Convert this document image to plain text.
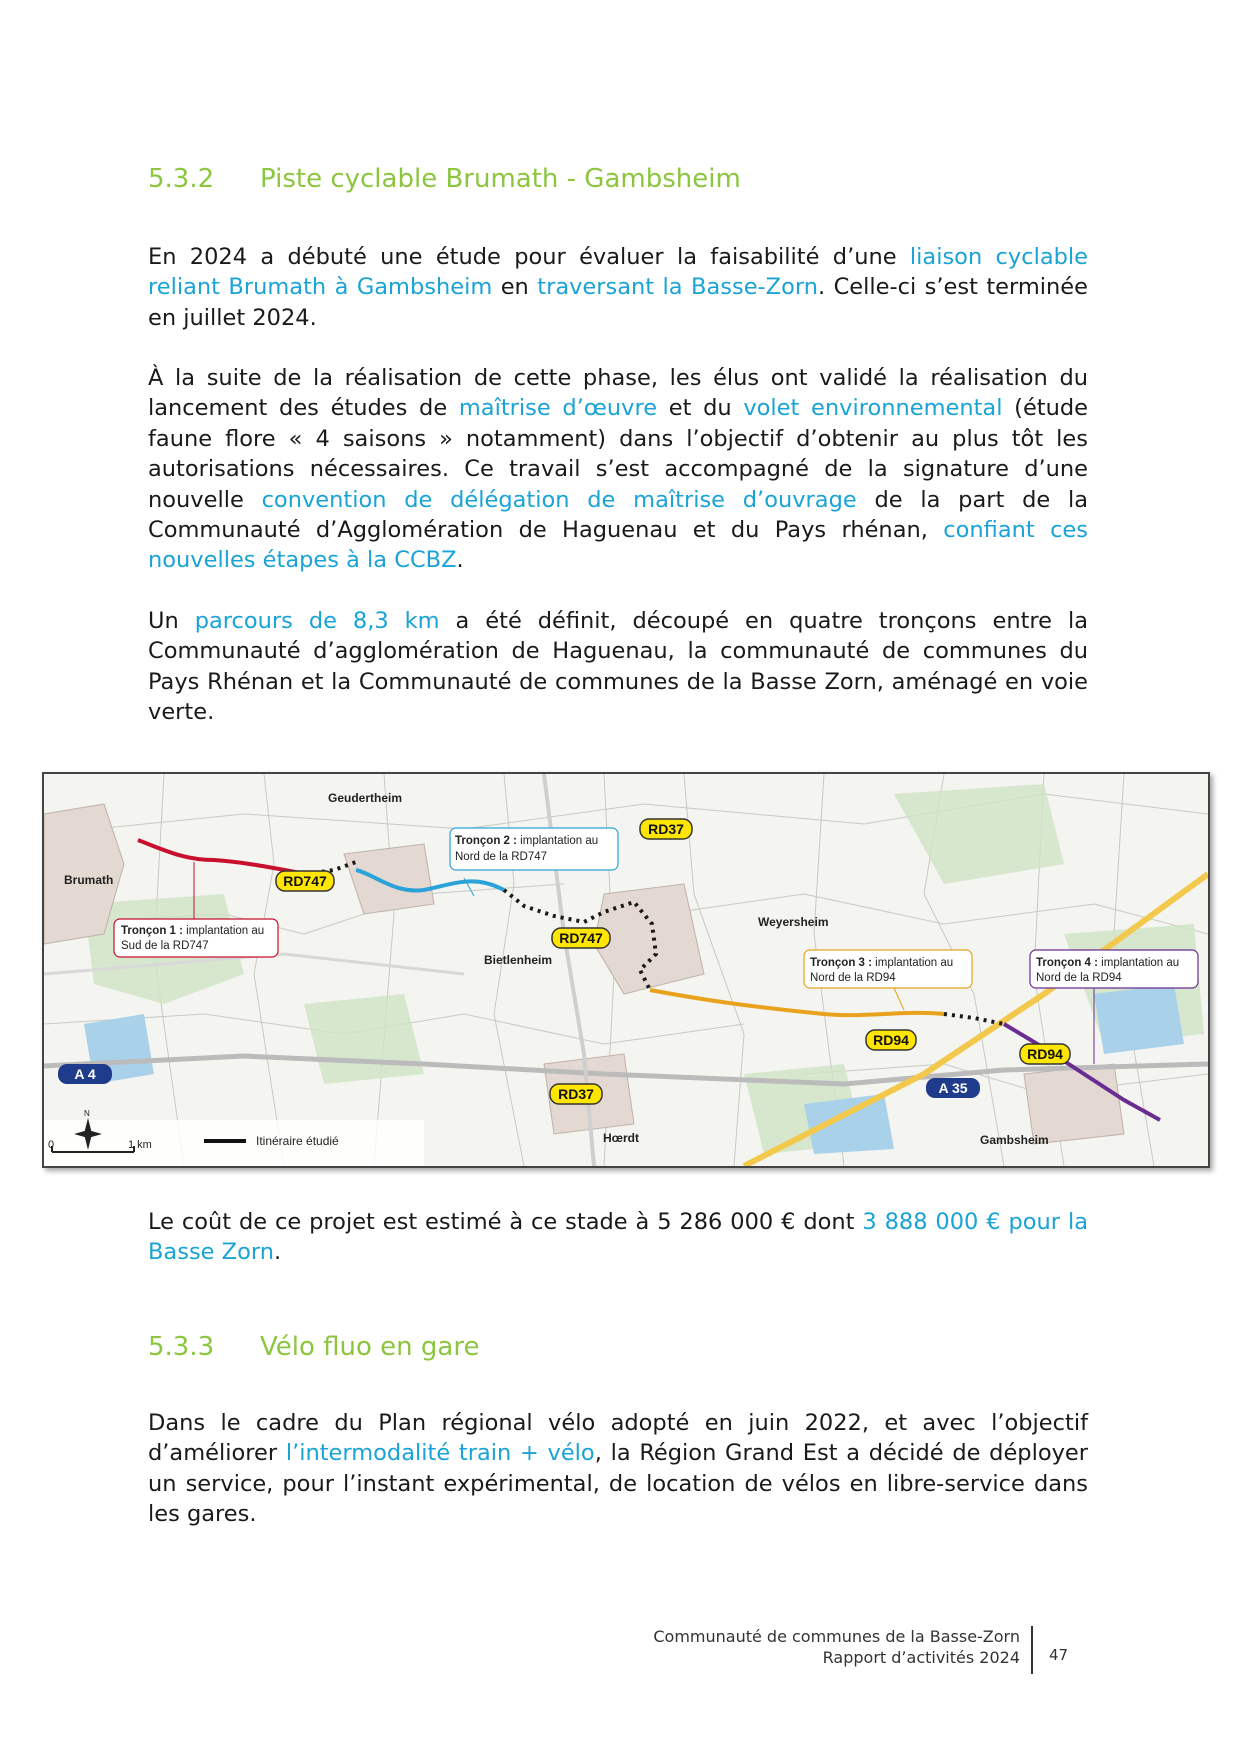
5.3.2 Piste cyclable Brumath - Gambsheim

En 2024 a débuté une étude pour évaluer la faisabilité d’une liaison cyclable reliant Brumath à Gambsheim en traversant la Basse-Zorn. Celle-ci s’est terminée en juillet 2024.

À la suite de la réalisation de cette phase, les élus ont validé la réalisation du lancement des études de maîtrise d’œuvre et du volet environnemental (étude faune flore « 4 saisons » notamment) dans l’objectif d’obtenir au plus tôt les autorisations nécessaires. Ce travail s’est accompagné de la signature d’une nouvelle convention de délégation de maîtrise d’ouvrage de la part de la Communauté d’Agglomération de Haguenau et du Pays rhénan, confiant ces nouvelles étapes à la CCBZ.

Un parcours de 8,3 km a été définit, découpé en quatre tronçons entre la Communauté d’agglomération de Haguenau, la communauté de communes du Pays Rhénan et la Communauté de communes de la Basse Zorn, aménagé en voie verte.

Geudertheim
Brumath
Bietlenheim
Weyersheim
Hœrdt	Gambsheim
RD747
RD747
RD37
RD37
RD94
RD94
A 4
A 35
Tronçon 1 : implantation au
Sud de la RD747
Tronçon 2 : implantation au
Nord de la RD747
Tronçon 3 : implantation au
Nord de la RD94
Tronçon 4 : implantation au
Nord de la RD94
N
0	1 km	Itinéraire étudié

Le coût de ce projet est estimé à ce stade à 5 286 000 € dont 3 888 000 € pour la Basse Zorn.

5.3.3 Vélo fluo en gare

Dans le cadre du Plan régional vélo adopté en juin 2022, et avec l’objectif d’améliorer l’intermodalité train + vélo, la Région Grand Est a décidé de déployer un service, pour l’instant expérimental, de location de vélos en libre-service dans les gares.

Communauté de communes de la Basse-Zorn
Rapport d’activités 2024 47
